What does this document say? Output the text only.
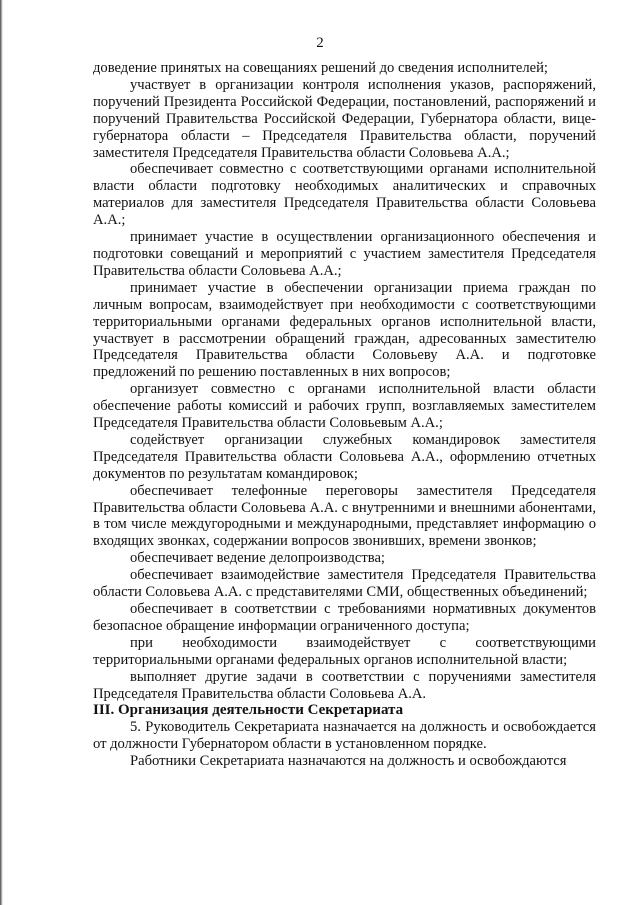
2

доведение принятых на совещаниях решений до сведения исполнителей;

участвует в организации контроля исполнения указов, распоряжений, поручений Президента Российской Федерации, постановлений, распоряжений и поручений Правительства Российской Федерации, Губернатора области, вице-губернатора области – Председателя Правительства области, поручений заместителя Председателя Правительства области Соловьева А.А.;

обеспечивает совместно с соответствующими органами исполнительной власти области подготовку необходимых аналитических и справочных материалов для заместителя Председателя Правительства области Соловьева А.А.;

принимает участие в осуществлении организационного обеспечения и подготовки совещаний и мероприятий с участием заместителя Председателя Правительства области Соловьева А.А.;

принимает участие в обеспечении организации приема граждан по личным вопросам, взаимодействует при необходимости с соответствующими территориальными органами федеральных органов исполнительной власти, участвует в рассмотрении обращений граждан, адресованных заместителю Председателя Правительства области Соловьеву А.А. и подготовке предложений по решению поставленных в них вопросов;

организует совместно с органами исполнительной власти области обеспечение работы комиссий и рабочих групп, возглавляемых заместителем Председателя Правительства области Соловьевым А.А.;

содействует организации служебных командировок заместителя Председателя Правительства области Соловьева А.А., оформлению отчетных документов по результатам командировок;

обеспечивает телефонные переговоры заместителя Председателя Правительства области Соловьева А.А. с внутренними и внешними абонентами, в том числе междугородными и международными, представляет информацию о входящих звонках, содержании вопросов звонивших, времени звонков;

обеспечивает ведение делопроизводства;

обеспечивает взаимодействие заместителя Председателя Правительства области Соловьева А.А. с представителями СМИ, общественных объединений;

обеспечивает в соответствии с требованиями нормативных документов безопасное обращение информации ограниченного доступа;

при необходимости взаимодействует с соответствующими территориальными органами федеральных органов исполнительной власти;

выполняет другие задачи в соответствии с поручениями заместителя Председателя Правительства области Соловьева А.А.

III. Организация деятельности Секретариата

5. Руководитель Секретариата назначается на должность и освобождается от должности Губернатором области в установленном порядке.

Работники Секретариата назначаются на должность и освобождаются
